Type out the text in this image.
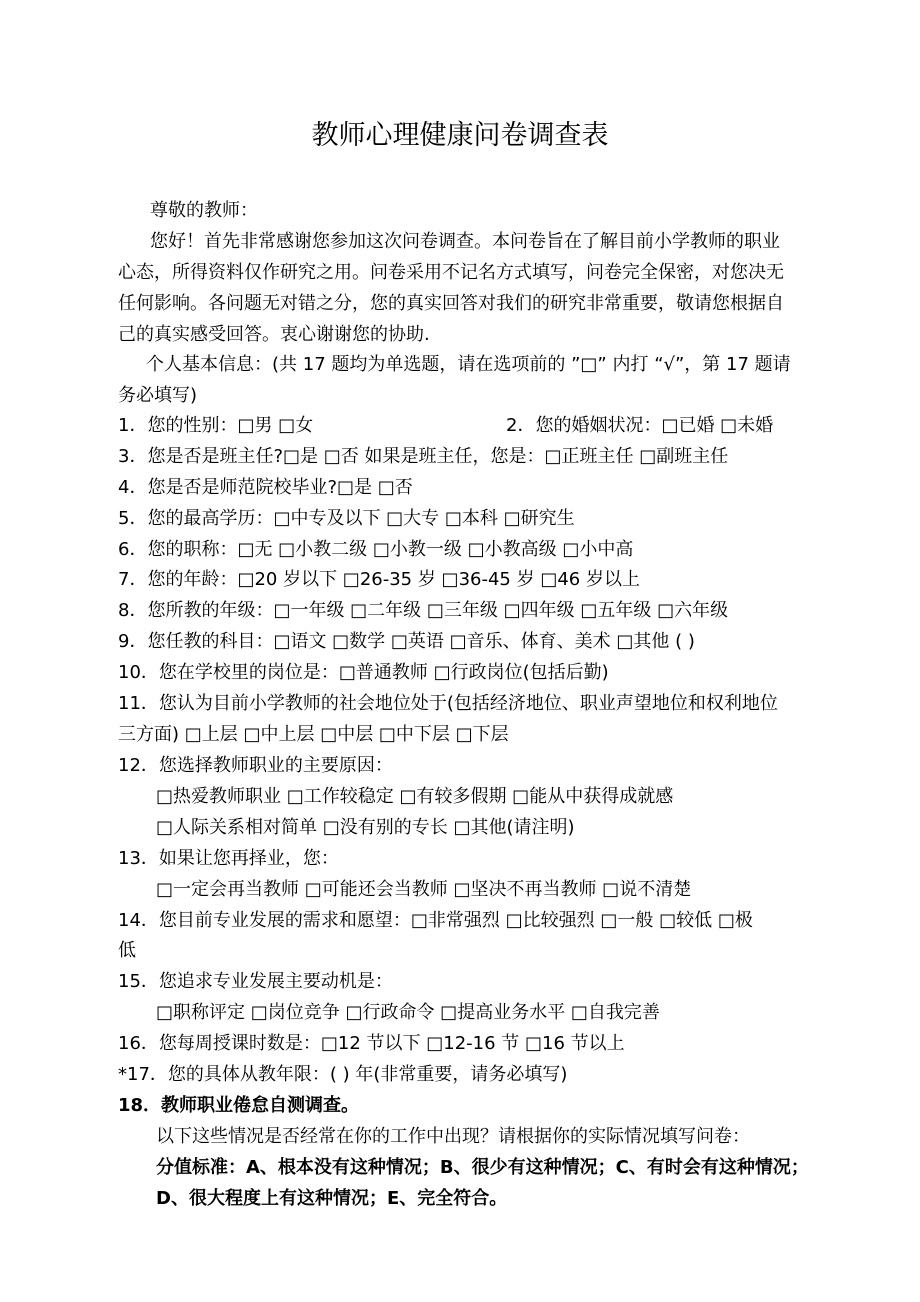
教师心理健康问卷调查表
尊敬的教师：
您好！首先非常感谢您参加这次问卷调查。本问卷旨在了解目前小学教师的职业
心态，所得资料仅作研究之用。问卷采用不记名方式填写，问卷完全保密，对您决无
任何影响。各问题无对错之分，您的真实回答对我们的研究非常重要，敬请您根据自
己的真实感受回答。衷心谢谢您的协助.
个人基本信息：(共 17 题均为单选题，请在选项前的 ”□” 内打 “√”，第 17 题请
务必填写)
1．您的性别：□男 □女	2．您的婚姻状况：□已婚 □未婚
3．您是否是班主任?□是 □否 如果是班主任，您是：□正班主任 □副班主任
4．您是否是师范院校毕业?□是 □否
5．您的最高学历：□中专及以下 □大专 □本科 □研究生
6．您的职称：□无 □小教二级 □小教一级 □小教高级 □小中高
7．您的年龄：□20 岁以下 □26-35 岁 □36-45 岁 □46 岁以上
8．您所教的年级：□一年级 □二年级 □三年级 □四年级 □五年级 □六年级
9．您任教的科目：□语文 □数学 □英语 □音乐、体育、美术 □其他 ( )
10．您在学校里的岗位是：□普通教师 □行政岗位(包括后勤)
11．您认为目前小学教师的社会地位处于(包括经济地位、职业声望地位和权利地位
三方面) □上层 □中上层 □中层 □中下层 □下层
12．您选择教师职业的主要原因：
□热爱教师职业 □工作较稳定 □有较多假期 □能从中获得成就感
□人际关系相对简单 □没有别的专长 □其他(请注明)
13．如果让您再择业，您：
□一定会再当教师 □可能还会当教师 □坚决不再当教师 □说不清楚
14．您目前专业发展的需求和愿望：□非常强烈 □比较强烈 □一般 □较低 □极
低
15．您追求专业发展主要动机是：
□职称评定 □岗位竞争 □行政命令 □提高业务水平 □自我完善
16．您每周授课时数是：□12 节以下 □12-16 节 □16 节以上
*17．您的具体从教年限：( ) 年(非常重要，请务必填写)
18．教师职业倦怠自测调查。
以下这些情况是否经常在你的工作中出现？请根据你的实际情况填写问卷：
分值标准：A、根本没有这种情况；B、很少有这种情况；C、有时会有这种情况；
D、很大程度上有这种情况；E、完全符合。
